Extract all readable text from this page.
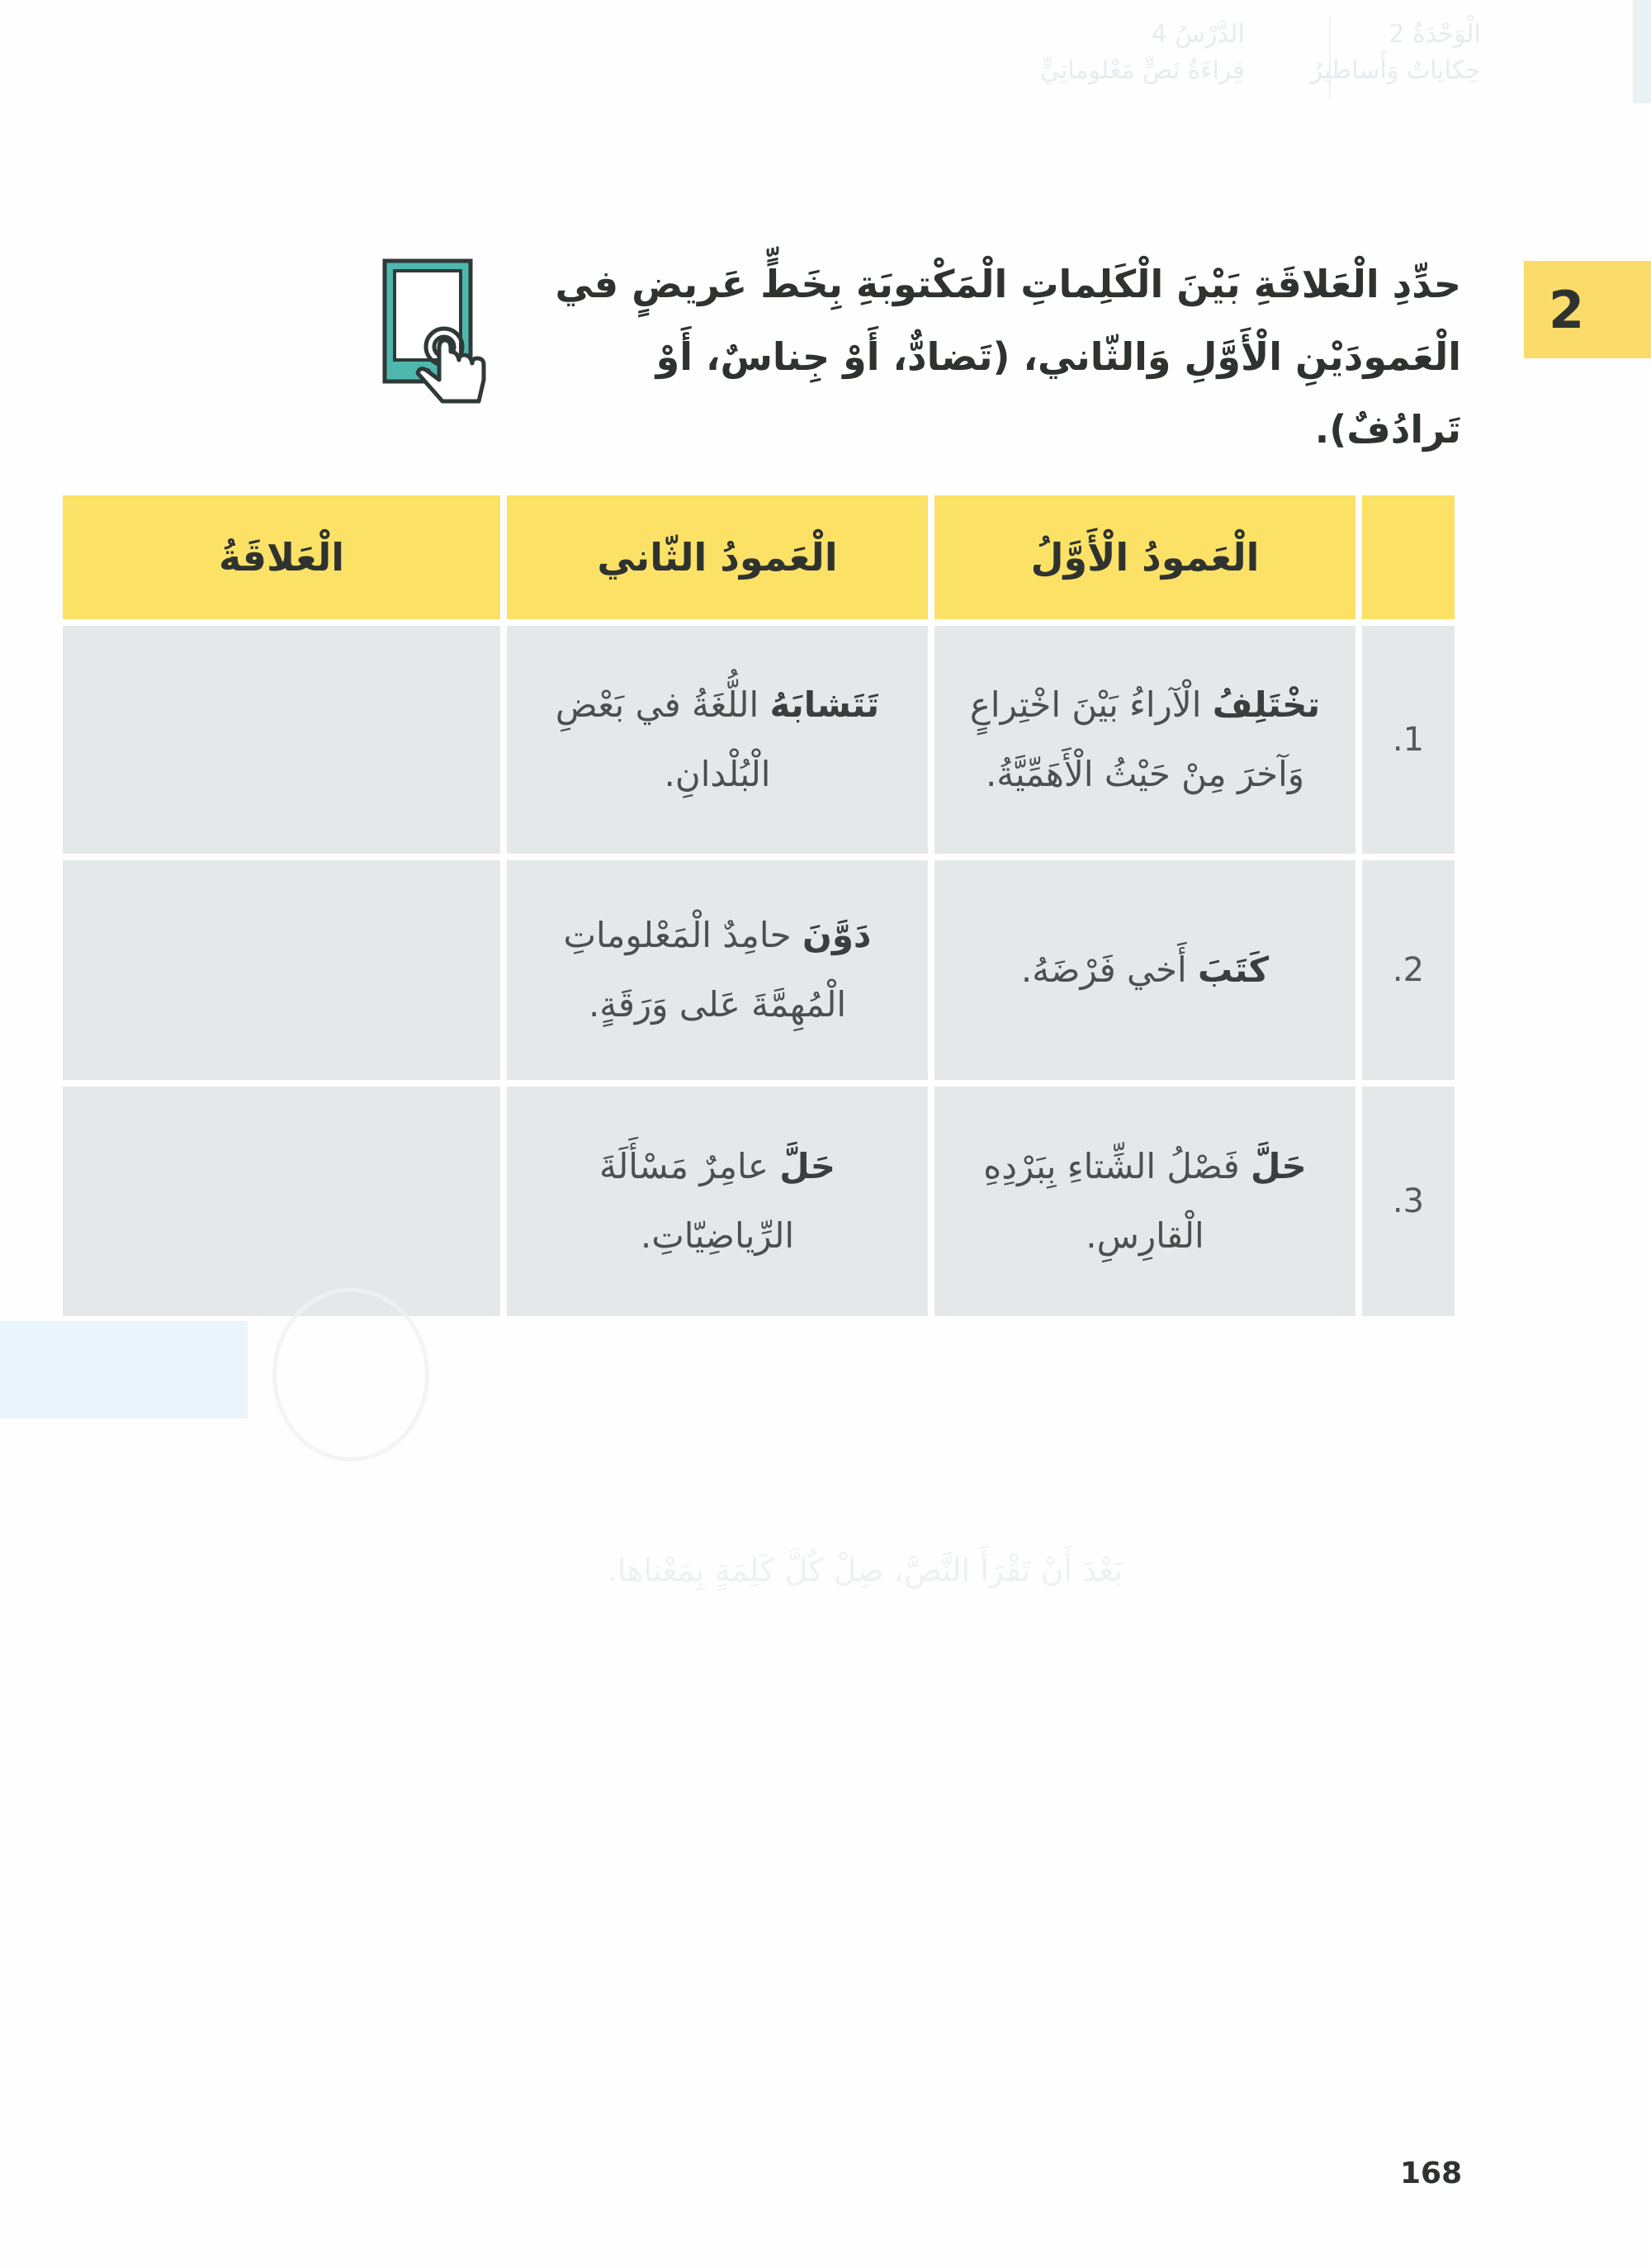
الْوَحْدَةُ 2
حِكاياتٌ وَأَساطيرُ
الدَّرْسُ 4
قِراءَةُ نَصٍّ مَعْلوماتِيٍّ
2
حدِّدِ الْعَلاقَةِ بَيْنَ الْكَلِماتِ الْمَكْتوبَةِ بِخَطٍّ عَريضٍ في الْعَمودَيْنِ الْأَوَّلِ وَالثّاني، (تَضادٌّ، أَوْ جِناسٌ، أَوْ تَرادُفٌ).
الْعَمودُ الْأَوَّلُ
الْعَمودُ الثّاني
الْعَلاقَةُ
1.
تخْتَلِفُ الْآراءُ بَيْنَ اخْتِراعٍ وَآخرَ مِنْ حَيْثُ الْأَهَمِّيَّةُ.
تَتَشابَهُ اللُّغَةُ في بَعْضِ الْبُلْدانِ.
2.
كَتَبَ أَخي فَرْضَهُ.
دَوَّنَ حامِدٌ الْمَعْلوماتِ الْمُهِمَّةَ عَلى وَرَقَةٍ.
3.
حَلَّ فَصْلُ الشِّتاءِ بِبَرْدِهِ الْقارِسِ.
حَلَّ عامِرٌ مَسْأَلَةَ الرِّياضِيّاتِ.
بَعْدَ أَنْ تَقْرَأَ النَّصَّ، صِلْ كُلَّ كَلِمَةٍ بِمَعْناها.
168
